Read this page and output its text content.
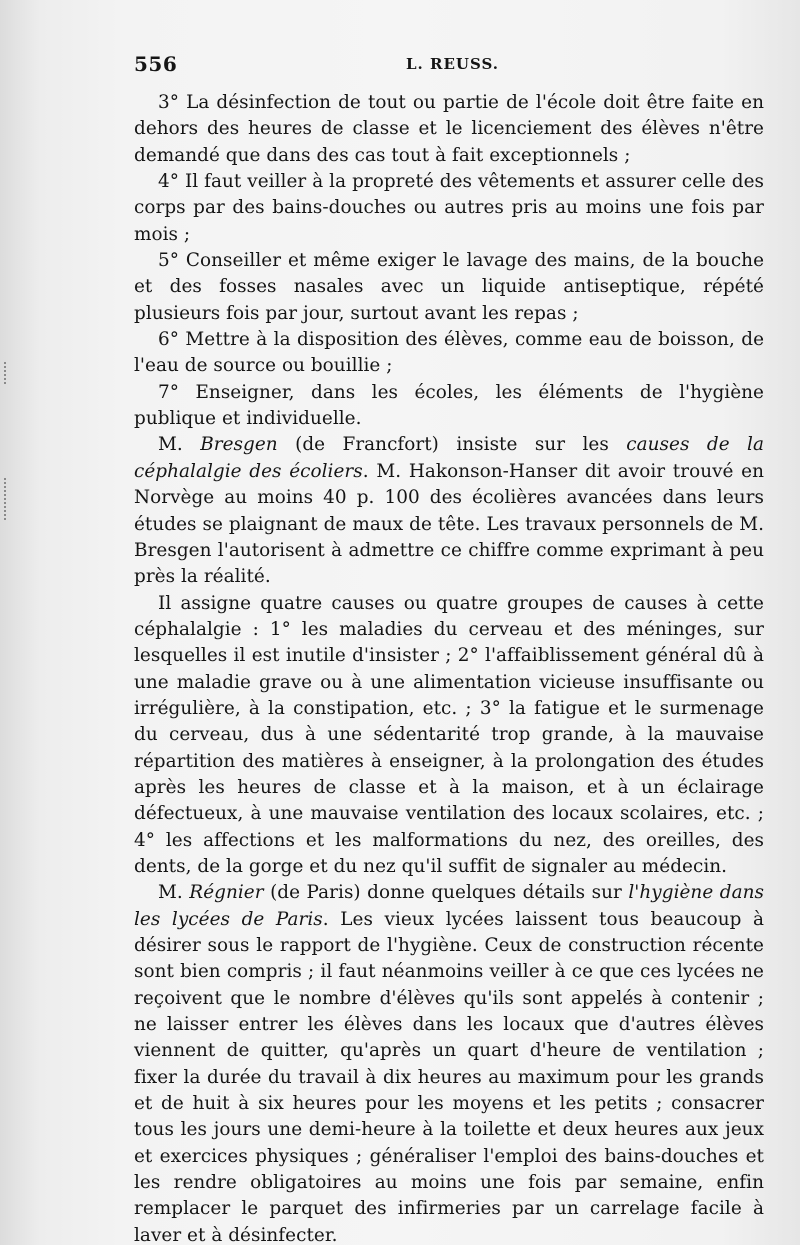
556	L. REUSS.

3° La désinfection de tout ou partie de l'école doit être faite en dehors des heures de classe et le licenciement des élèves n'être demandé que dans des cas tout à fait exceptionnels ;

4° Il faut veiller à la propreté des vêtements et assurer celle des corps par des bains-douches ou autres pris au moins une fois par mois ;

5° Conseiller et même exiger le lavage des mains, de la bouche et des fosses nasales avec un liquide antiseptique, répété plusieurs fois par jour, surtout avant les repas ;

6° Mettre à la disposition des élèves, comme eau de boisson, de l'eau de source ou bouillie ;

7° Enseigner, dans les écoles, les éléments de l'hygiène publique et individuelle.

M. Bresgen (de Francfort) insiste sur les causes de la céphalalgie des écoliers. M. Hakonson-Hanser dit avoir trouvé en Norvège au moins 40 p. 100 des écolières avancées dans leurs études se plaignant de maux de tête. Les travaux personnels de M. Bresgen l'autorisent à admettre ce chiffre comme exprimant à peu près la réalité.

Il assigne quatre causes ou quatre groupes de causes à cette céphalalgie : 1° les maladies du cerveau et des méninges, sur lesquelles il est inutile d'insister ; 2° l'affaiblissement général dû à une maladie grave ou à une alimentation vicieuse insuffisante ou irrégulière, à la constipation, etc. ; 3° la fatigue et le surmenage du cerveau, dus à une sédentarité trop grande, à la mauvaise répartition des matières à enseigner, à la prolongation des études après les heures de classe et à la maison, et à un éclairage défectueux, à une mauvaise ventilation des locaux scolaires, etc. ; 4° les affections et les malformations du nez, des oreilles, des dents, de la gorge et du nez qu'il suffit de signaler au médecin.

M. Régnier (de Paris) donne quelques détails sur l'hygiène dans les lycées de Paris. Les vieux lycées laissent tous beaucoup à désirer sous le rapport de l'hygiène. Ceux de construction récente sont bien compris ; il faut néanmoins veiller à ce que ces lycées ne reçoivent que le nombre d'élèves qu'ils sont appelés à contenir ; ne laisser entrer les élèves dans les locaux que d'autres élèves viennent de quitter, qu'après un quart d'heure de ventilation ; fixer la durée du travail à dix heures au maximum pour les grands et de huit à six heures pour les moyens et les petits ; consacrer tous les jours une demi-heure à la toilette et deux heures aux jeux et exercices physiques ; généraliser l'emploi des bains-douches et les rendre obligatoires au moins une fois par semaine, enfin remplacer le parquet des infirmeries par un carrelage facile à laver et à désinfecter.
